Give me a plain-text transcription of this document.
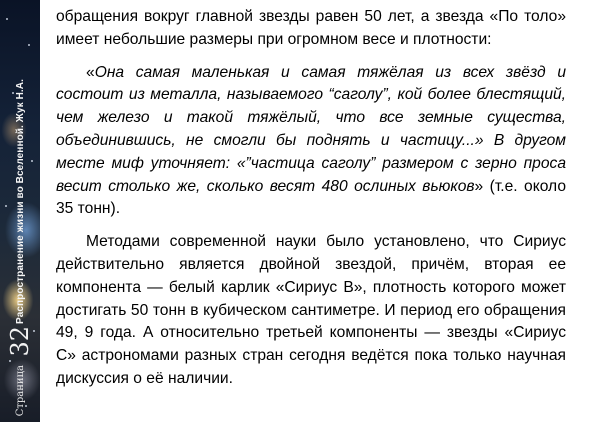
Страница
32
Распространение жизни во Вселенной. Жук Н.А.

обращения вокруг главной звезды равен 50 лет, а звезда «По толо» имеет небольшие размеры при огромном весе и плотности:

«Она самая маленькая и самая тяжёлая из всех звёзд и состоит из металла, называемого “саголу”, кой более блестящий, чем железо и такой тяжёлый, что все земные существа, объединившись, не смогли бы поднять и частицу...» В другом месте миф уточняет: «”частица саголу” размером с зерно проса весит столько же, сколько весят 480 ослиных вьюков» (т.е. около 35 тонн).

Методами современной науки было установлено, что Сириус действительно является двойной звездой, причём, вторая ее компонента — белый карлик «Сириус В», плотность которого может достигать 50 тонн в кубическом сантиметре. И период его обращения 49, 9 года. А относительно третьей компоненты — звезды «Сириус С» астрономами разных стран сегодня ведётся пока только научная дискуссия о её наличии.
